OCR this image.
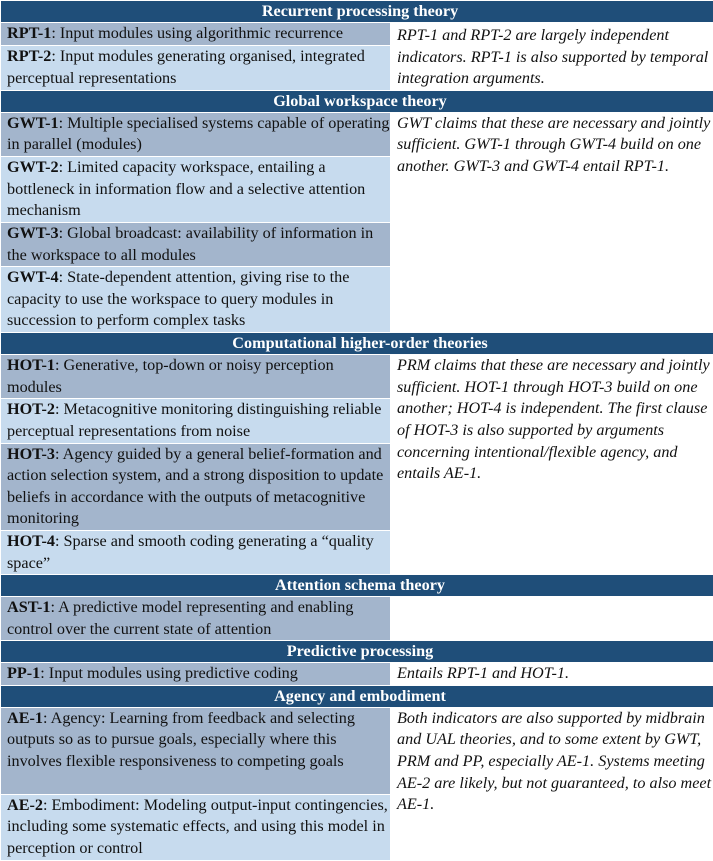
Recurrent processing theory	
RPT-1: Input modules using algorithmic recurrence	RPT-1 and RPT-2 are largely independent indicators. RPT-1 is also supported by temporal integration arguments.
RPT-2: Input modules generating organised, integrated perceptual representations	
Global workspace theory	
GWT-1: Multiple specialised systems capable of operating in parallel (modules)	GWT claims that these are necessary and jointly sufficient. GWT-1 through GWT-4 build on one another. GWT-3 and GWT-4 entail RPT-1.
GWT-2: Limited capacity workspace, entailing a bottleneck in information flow and a selective attention mechanism	
GWT-3: Global broadcast: availability of information in the workspace to all modules	
GWT-4: State-dependent attention, giving rise to the capacity to use the workspace to query modules in succession to perform complex tasks	
Computational higher-order theories	
HOT-1: Generative, top-down or noisy perception modules	PRM claims that these are necessary and jointly sufficient. HOT-1 through HOT-3 build on one another; HOT-4 is independent. The first clause of HOT-3 is also supported by arguments concerning intentional/flexible agency, and entails AE-1.
HOT-2: Metacognitive monitoring distinguishing reliable perceptual representations from noise	
HOT-3: Agency guided by a general belief-formation and action selection system, and a strong disposition to update beliefs in accordance with the outputs of metacognitive monitoring	
HOT-4: Sparse and smooth coding generating a “quality space”	
Attention schema theory	
AST-1: A predictive model representing and enabling control over the current state of attention	
Predictive processing	
PP-1: Input modules using predictive coding	Entails RPT-1 and HOT-1.
Agency and embodiment	
AE-1: Agency: Learning from feedback and selecting outputs so as to pursue goals, especially where this involves flexible responsiveness to competing goals	Both indicators are also supported by midbrain and UAL theories, and to some extent by GWT, PRM and PP, especially AE-1. Systems meeting AE-2 are likely, but not guaranteed, to also meet AE-1.
AE-2: Embodiment: Modeling output-input contingencies, including some systematic effects, and using this model in perception or control	
